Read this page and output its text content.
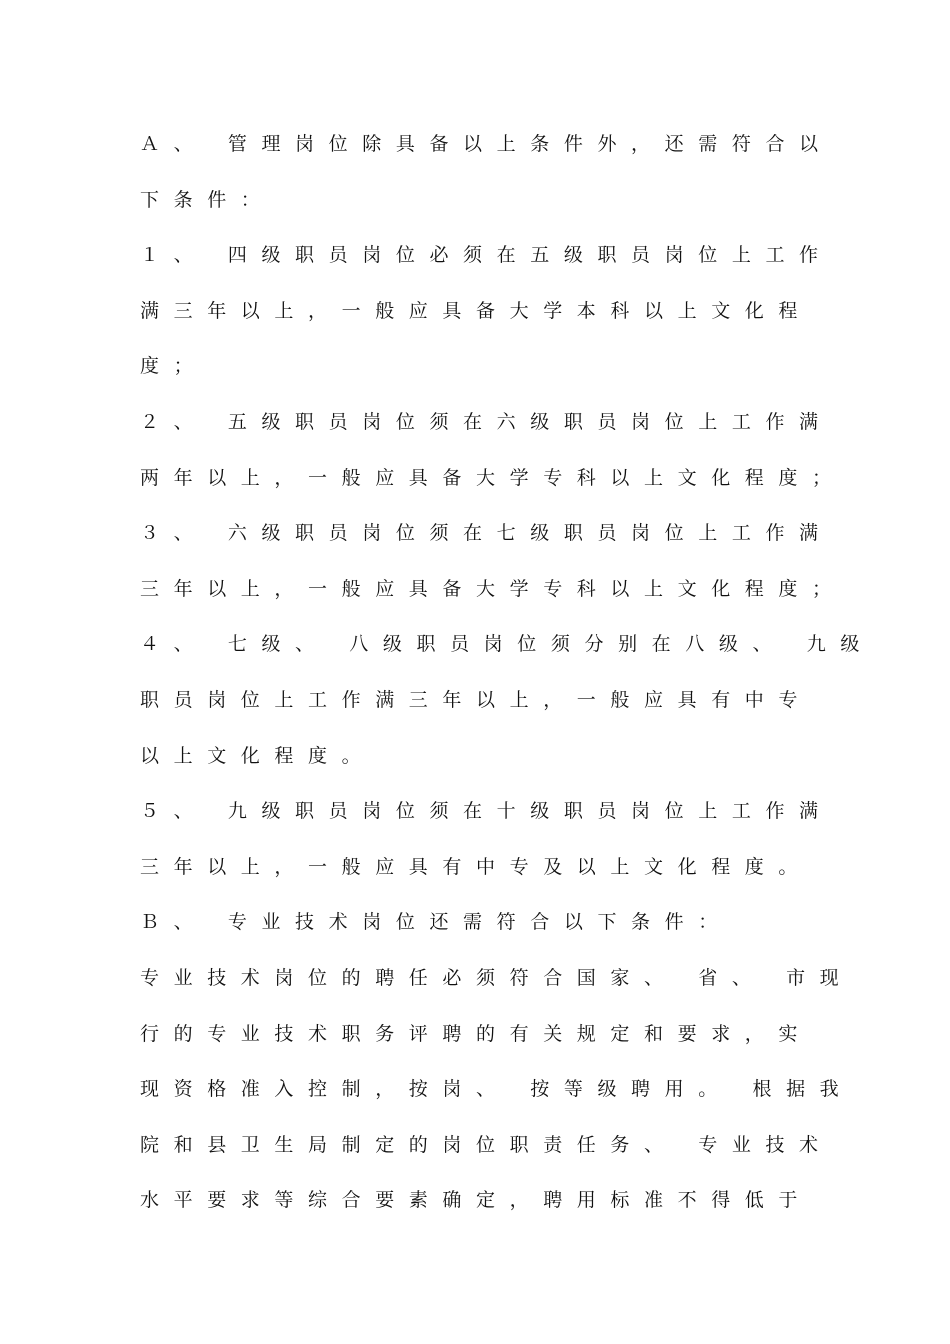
Ａ、 管理岗位除具备以上条件外，还需符合以
下条件：
１、 四级职员岗位必须在五级职员岗位上工作
满三年以上，一般应具备大学本科以上文化程
度；
２、 五级职员岗位须在六级职员岗位上工作满
两年以上，一般应具备大学专科以上文化程度；
３、 六级职员岗位须在七级职员岗位上工作满
三年以上，一般应具备大学专科以上文化程度；
４、 七级、 八级职员岗位须分别在八级、 九级
职员岗位上工作满三年以上，一般应具有中专
以上文化程度。
５、 九级职员岗位须在十级职员岗位上工作满
三年以上，一般应具有中专及以上文化程度。
Ｂ、 专业技术岗位还需符合以下条件：
专业技术岗位的聘任必须符合国家、 省、 市现
行的专业技术职务评聘的有关规定和要求，实
现资格准入控制，按岗、 按等级聘用。 根据我
院和县卫生局制定的岗位职责任务、 专业技术
水平要求等综合要素确定，聘用标准不得低于
